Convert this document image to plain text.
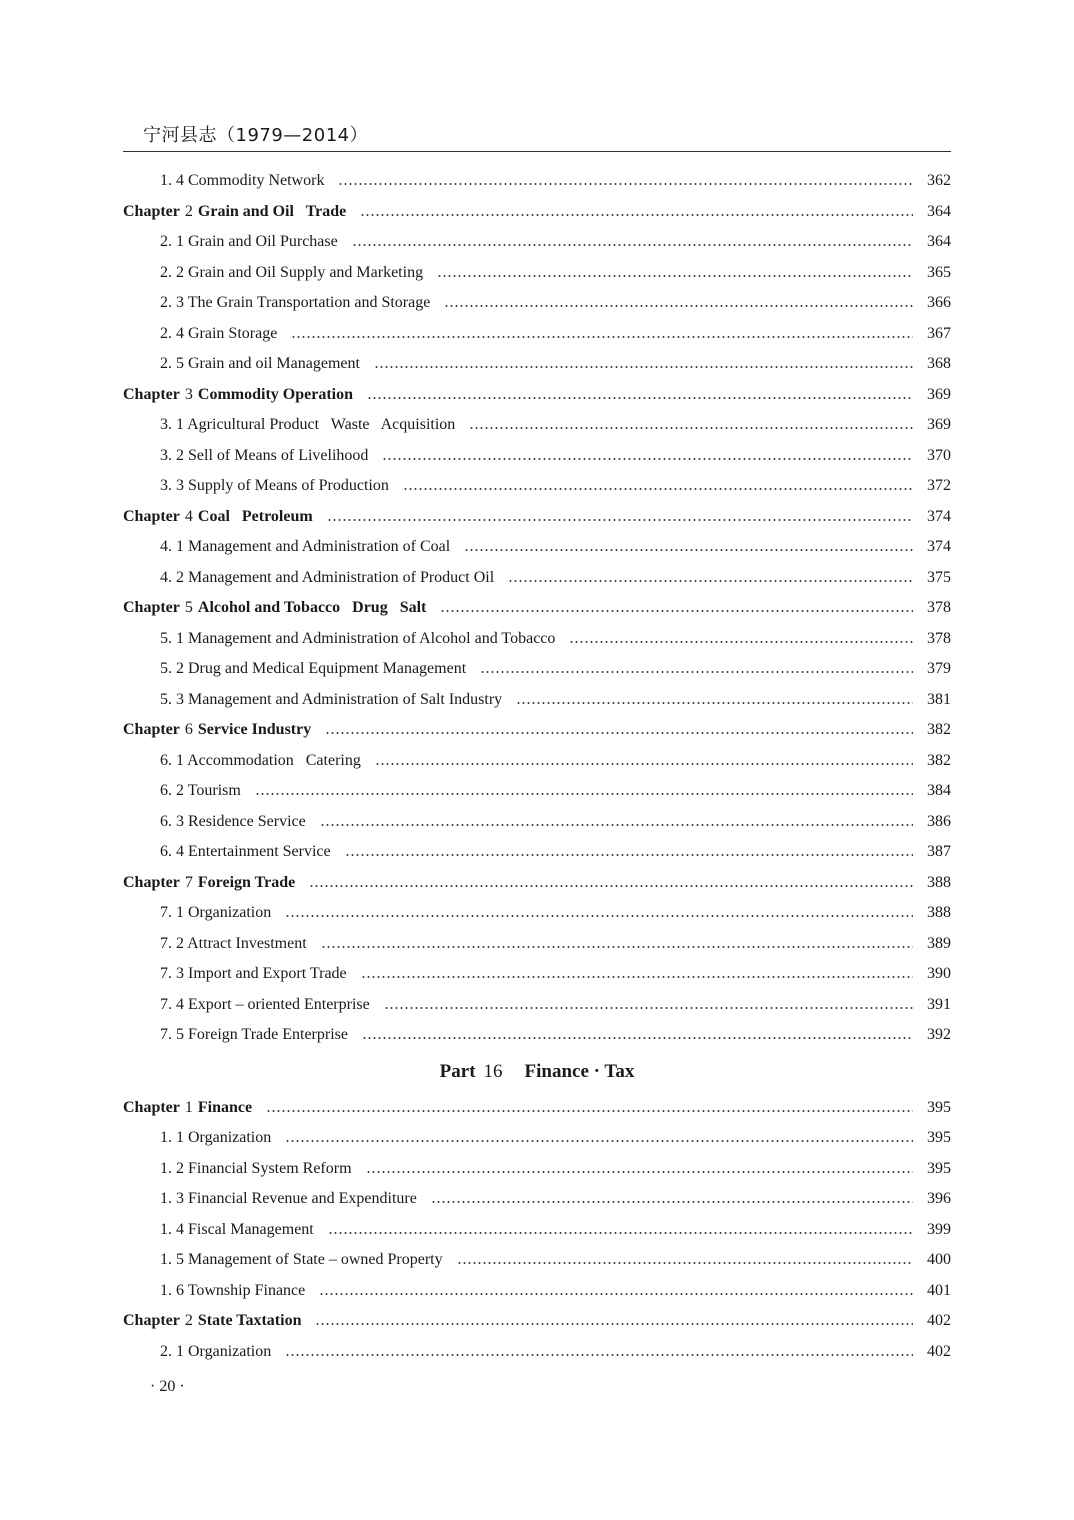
宁河县志（1979—2014）
1. 4 Commodity Network	362
Chapter 2 Grain and Oil   Trade	364
2. 1 Grain and Oil Purchase	364
2. 2 Grain and Oil Supply and Marketing	365
2. 3 The Grain Transportation and Storage	366
2. 4 Grain Storage	367
2. 5 Grain and oil Management	368
Chapter 3 Commodity Operation	369
3. 1 Agricultural Product   Waste   Acquisition	369
3. 2 Sell of Means of Livelihood	370
3. 3 Supply of Means of Production	372
Chapter 4 Coal   Petroleum	374
4. 1 Management and Administration of Coal	374
4. 2 Management and Administration of Product Oil	375
Chapter 5 Alcohol and Tobacco   Drug   Salt	378
5. 1 Management and Administration of Alcohol and Tobacco	378
5. 2 Drug and Medical Equipment Management	379
5. 3 Management and Administration of Salt Industry	381
Chapter 6 Service Industry	382
6. 1 Accommodation   Catering	382
6. 2 Tourism	384
6. 3 Residence Service	386
6. 4 Entertainment Service	387
Chapter 7 Foreign Trade	388
7. 1 Organization	388
7. 2 Attract Investment	389
7. 3 Import and Export Trade	390
7. 4 Export – oriented Enterprise	391
7. 5 Foreign Trade Enterprise	392
Part 16 Finance · Tax
Chapter 1 Finance	395
1. 1 Organization	395
1. 2 Financial System Reform	395
1. 3 Financial Revenue and Expenditure	396
1. 4 Fiscal Management	399
1. 5 Management of State – owned Property	400
1. 6 Township Finance	401
Chapter 2 State Taxtation	402
2. 1 Organization	402
· 20 ·
